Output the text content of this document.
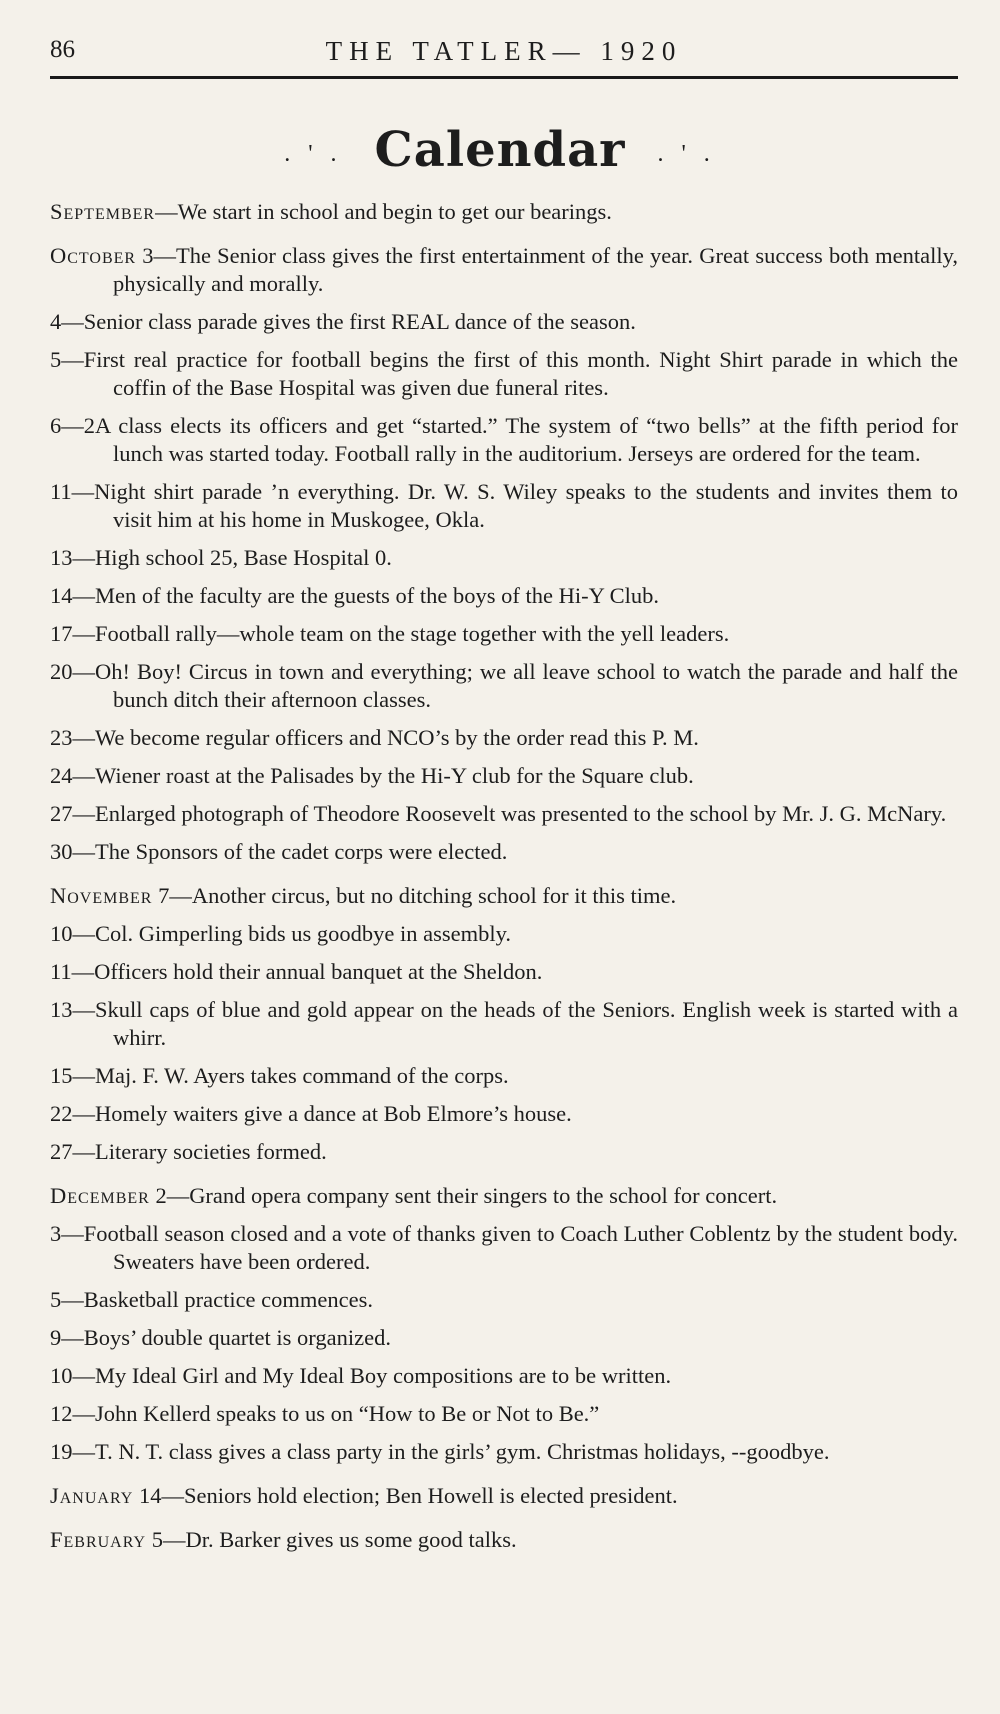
86	THE TATLER— 1920
. ' . Calendar . ' .
September—We start in school and begin to get our bearings.
October 3—The Senior class gives the first entertainment of the year. Great success both mentally, physically and morally.
4—Senior class parade gives the first REAL dance of the season.
5—First real practice for football begins the first of this month. Night Shirt parade in which the coffin of the Base Hospital was given due funeral rites.
6—2A class elects its officers and get “started.” The system of “two bells” at the fifth period for lunch was started today. Football rally in the auditorium. Jerseys are ordered for the team.
11—Night shirt parade ’n everything. Dr. W. S. Wiley speaks to the students and invites them to visit him at his home in Muskogee, Okla.
13—High school 25, Base Hospital 0.
14—Men of the faculty are the guests of the boys of the Hi-Y Club.
17—Football rally—whole team on the stage together with the yell leaders.
20—Oh! Boy! Circus in town and everything; we all leave school to watch the parade and half the bunch ditch their afternoon classes.
23—We become regular officers and NCO’s by the order read this P. M.
24—Wiener roast at the Palisades by the Hi-Y club for the Square club.
27—Enlarged photograph of Theodore Roosevelt was presented to the school by Mr. J. G. McNary.
30—The Sponsors of the cadet corps were elected.
November 7—Another circus, but no ditching school for it this time.
10—Col. Gimperling bids us goodbye in assembly.
11—Officers hold their annual banquet at the Sheldon.
13—Skull caps of blue and gold appear on the heads of the Seniors. English week is started with a whirr.
15—Maj. F. W. Ayers takes command of the corps.
22—Homely waiters give a dance at Bob Elmore’s house.
27—Literary societies formed.
December 2—Grand opera company sent their singers to the school for concert.
3—Football season closed and a vote of thanks given to Coach Luther Coblentz by the student body. Sweaters have been ordered.
5—Basketball practice commences.
9—Boys’ double quartet is organized.
10—My Ideal Girl and My Ideal Boy compositions are to be written.
12—John Kellerd speaks to us on “How to Be or Not to Be.”
19—T. N. T. class gives a class party in the girls’ gym. Christmas holidays, --goodbye.
January 14—Seniors hold election; Ben Howell is elected president.
February 5—Dr. Barker gives us some good talks.
